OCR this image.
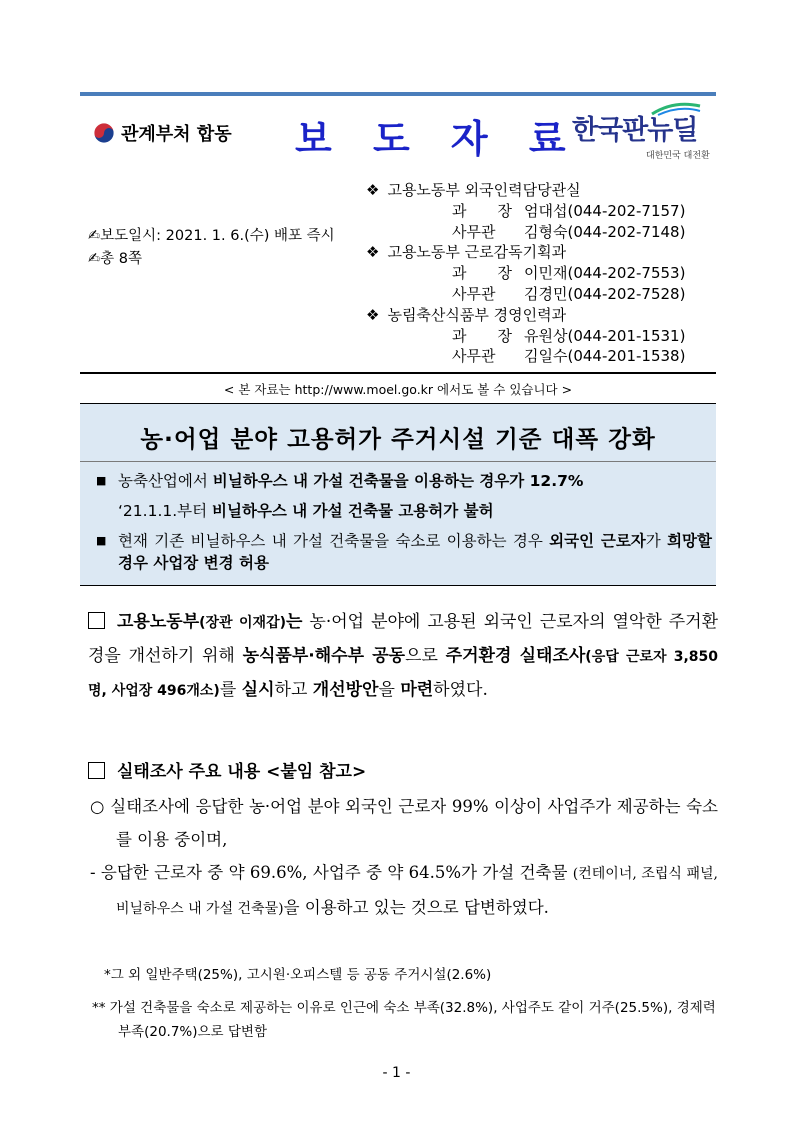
관계부처 합동 보 도 자 료
한국판뉴딜
대한민국 대전환
✍보도일시: 2021. 1. 6.(수) 배포 즉시
✍총 8쪽
❖ 고용노동부 외국인력담당관실
과 장 엄대섭(044-202-7157)
사무관	김형숙(044-202-7148)
❖ 고용노동부 근로감독기획과
과 장 이민재(044-202-7553)
사무관	김경민(044-202-7528)
❖ 농림축산식품부 경영인력과
과 장 유원상(044-201-1531)
사무관	김일수(044-201-1538)
< 본 자료는 http://www.moel.go.kr 에서도 볼 수 있습니다 >
농·어업 분야 고용허가 주거시설 기준 대폭 강화
■ 농축산업에서 비닐하우스 내 가설 건축물을 이용하는 경우가 12.7%
‘21.1.1.부터 비닐하우스 내 가설 건축물 고용허가 불허
■ 현재 기존 비닐하우스 내 가설 건축물을 숙소로 이용하는 경우 외국인 근로자가 희망할 경우 사업장 변경 허용
고용노동부(장관 이재갑)는 농·어업 분야에 고용된 외국인 근로자의 열악한 주거환경을 개선하기 위해 농식품부·해수부 공동으로 주거환경 실태조사(응답 근로자 3,850명, 사업장 496개소)를 실시하고 개선방안을 마련하였다.
실태조사 주요 내용 <붙임 참고>
○ 실태조사에 응답한 농·어업 분야 외국인 근로자 99% 이상이 사업주가 제공하는 숙소를 이용 중이며,
- 응답한 근로자 중 약 69.6%, 사업주 중 약 64.5%가 가설 건축물 (컨테이너, 조립식 패널, 비닐하우스 내 가설 건축물)을 이용하고 있는 것으로 답변하였다.
*그 외 일반주택(25%), 고시원·오피스텔 등 공동 주거시설(2.6%)
** 가설 건축물을 숙소로 제공하는 이유로 인근에 숙소 부족(32.8%), 사업주도 같이 거주(25.5%), 경제력 부족(20.7%)으로 답변함
- 1 -
